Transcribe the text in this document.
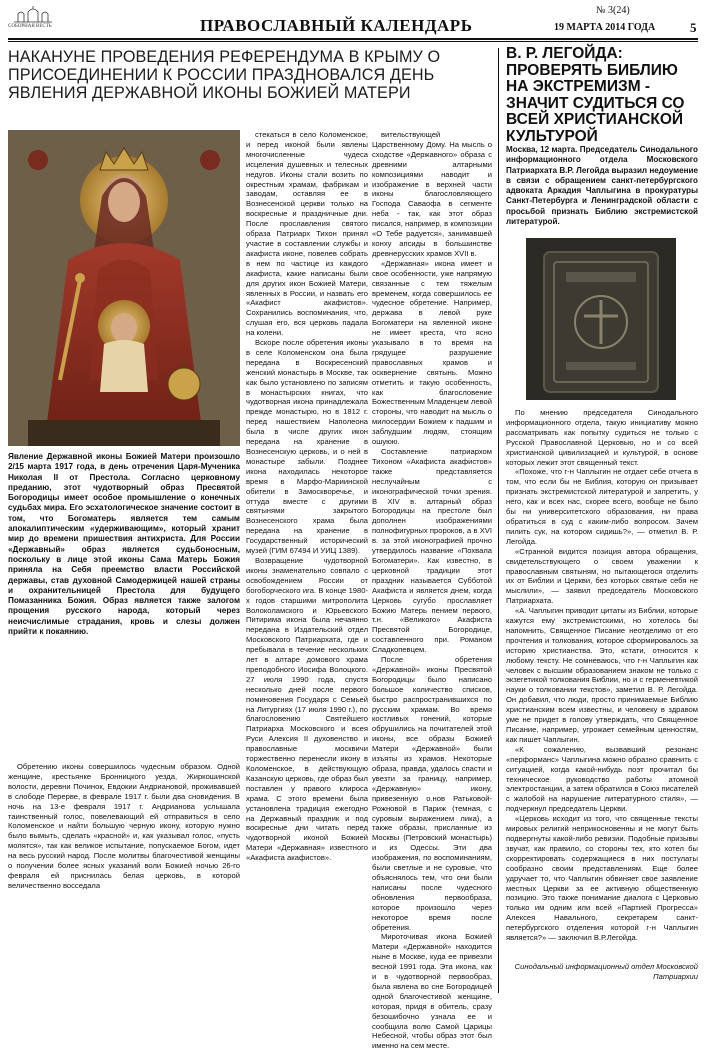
СОБОРНАЯ ВЕСТЬ	ПРАВОСЛАВНЫЙ КАЛЕНДАРЬ
№ 3(24)
19 МАРТА 2014 ГОДА	5
НАКАНУНЕ ПРОВЕДЕНИЯ РЕФЕРЕНДУМА В КРЫМУ О ПРИСОЕДИНЕНИИ К РОССИИ ПРАЗДНОВАЛСЯ ДЕНЬ ЯВЛЕНИЯ ДЕРЖАВНОЙ ИКОНЫ БОЖИЕЙ МАТЕРИ
Явление Державной иконы Божией Матери произошло 2/15 марта 1917 года, в день отречения Царя-Мученика Николая II от Престола. Согласно церковному преданию, этот чудотворный образ Пресвятой Богородицы имеет особое промышление о конечных судьбах мира. Его эсхатологическое значение состоит в том, что Богоматерь является тем самым апокалиптическим «удерживающим», который хранит мир до времени пришествия антихриста. Для России «Державный» образ является судьбоносным, поскольку в лице этой иконы Сама Матерь Божия приняла на Себя преемство власти Российской державы, став духовной Самодержицей нашей страны и охранительницей Престола для будущего Помазанника Божия. Образ является также залогом прощения русского народа, который через неисчислимые страдания, кровь и слезы должен прийти к покаянию.

Обретению иконы совершилось чудесным образом. Одной женщине, крестьянке Бронницкого уезда, Жиркошинской волости, деревни Починок, Евдокии Андриановой, проживавшей в слободе Перерве, в феврале 1917 г. были два сновидения. В ночь на 13-е февраля 1917 г. Андриановa услышала таинственный голос, повелевающий ей отправиться в село Коломенское и найти большую черную икону, которую нужно было вымыть, сделать «красной» и, как указывал голос, «пусть молятся», так как великое испытание, попускаемое Богом, идет на весь русский народ. После молитвы благочестивой женщины о получении более ясных указаний воли Божией ночью 26-го февраля ей приснилась белая церковь, в которой величественно восседала

стекаться в село Коломенское, и перед иконой были явлены многочисленные чудеса исцеления душевных и телесных недугов. Иконы стали возить по окрестным храмам, фабрикам и заводам, оставляя ее в Вознесенской церкви только на воскресные и праздничные дни. После прославления святого образа Патриарх Тихон принял участие в составлении службы и акафиста иконе, повелев собрать в нем по частице из каждого акафиста, какие написаны были для других икон Божией Матери, явленных в России, и назвать его «Акафист акафистов». Сохранились воспоминания, что, слушая его, вся церковь падала на колени.

Вскоре после обретения иконы в селе Коломенском она была передана в Воскресенский женский монастырь в Москве, так как было установлено по записям в монастырских книгах, что чудотворная икона принадлежала прежде монастырю, но в 1812 г. перед нашествием Наполеона была в числе других икон передана на хранение в Вознесенскую церковь, и о ней в монастыре забыли. Позднее икона находилась некоторое время в Марфо-Мариинской обители в Замоскворечье, и оттуда вместе с другими святынями закрытого Вознесенского храма была передана на хранение в Государственный исторический музей (ГИМ 67494 И УИЦ 1389).

Возвращение чудотворной иконы знаменательно совпало с освобождением России от богоборческого ига. В конце 1980-х годов старшими митрополита Волоколамского и Юрьевского Питирима икона была нечаянно передана в Издательский отдел Московского Патриархата, где и пребывала в течение нескольких лет в алтаре домового храма преподобного Иосифа Волоцкого. 27 июля 1990 года, спустя несколько дней после первого поминовения Государя с Семьей на Литургиях (17 июля 1990 г.), по благословению Святейшего Патриарха Московского и всея Руси Алексия II духовенство и православные москвичи торжественно перенесли икону в Коломенское, в действующую Казанскую церковь, где образ был поставлен у правого клироса храма. С этого времени была установлена традиция ежегодно на Державный праздник и под воскресные дни читать перед чудотворной иконой Божией Матери «Державная» известного «Акафиста акафистов».

вительствующей Царственному Дому. На мысль о сходстве «Державного» образа с древними алтарными композициями наводит и изображение в верхней части иконы благословляющего Господа Саваофа в сегменте неба - так, как этот образ писался, например, в композиции «О Тебе радуется», занимавшей конху апсиды в большинстве древнерусских храмов XVII в.

«Державная» икона имеет и свое особенности, уже напрямую связанные с тем тяжелым временем, когда совершилось ее чудесное обретение. Например, держава в левой руке Богоматери на явленной иконе не имеет креста, что ясно указывало в то время на грядущее разрушение православных храмов и осквернение святынь. Можно отметить и такую особенность, как благословение Божественным Младенцем левой стороны, что наводит на мысль о милосердии Божием к падшим и заблудшим людям, стоящим ошуюю.

Составление патриархом Тихоном «Акафиста акафистов» также представляется неслучайным с иконографической точки зрения. В XIV в. алтарный образ Богородицы на престоле был дополнен изображениями полнофигурных пророков, а в XVI в. за этой иконографией прочно утвердилось название «Похвала Богоматери». Как известно, в церковной традиции этот праздник называется Субботой Акафиста и является днем, когда Церковь сугубо прославляет Божию Матерь пением первого, т.н. «Великого» Акафиста Пресвятой Богородице, составленного при. Романом Сладкопевцем.

После обретения «Державной» иконы Пресвятой Богородицы было написано большое количество списков, быстро распространившихся по русским храмам. Во время костливых гонений, которые обрушились на почитателей этой иконы, все образы Божией Матери «Державной» были изъяты из храмов. Некоторые образа, правда, удалось спасти и увезти за границу, например, «Державную» икону, привезенную о.нов Ратьковой-Рожновой в Париж (темная, с суровым выражением лика), а также образы, присланные из Москвы (Петровский монастырь) и из Одессы. Эти два изображения, по воспоминаниям, были светлые и не суровые, что объяснялось тем, что они были написаны после чудесного обновления первообраза, которое произошло через некоторое время после обретения.

Мироточивая икона Божией Матери «Державной» находится ныне в Москве, куда ее привезли весной 1991 года. Эта икона, как и в чудотворной первообраз, была явлена во сне Богородицей одной благочестивой женщине, которая, придя в обитель, сразу безошибочно узнала ее и сообщила волю Самой Царицы Небесной, чтобы образ этот был именно на сем месте.

В. Р. ЛЕГОЙДА: ПРОВЕРЯТЬ БИБЛИЮ НА ЭКСТРЕМИЗМ - ЗНАЧИТ СУДИТЬСЯ СО ВСЕЙ ХРИСТИАНСКОЙ КУЛЬТУРОЙ
Москва, 12 марта. Председатель Синодального информационного отдела Московского Патриархата В.Р. Легойда выразил недоумение в связи с обращением санкт-петербургского адвоката Аркадия Чаплыгина в прокуратуры Санкт-Петербурга и Ленинградской области с просьбой признать Библию экстремистской литературой.

По мнению председателя Синодального информационного отдела, такую инициативу можно рассматривать как попытку судиться не только с Русской Православной Церковью, но и со всей христианской цивилизацией и культурой, в основе которых лежит этот священный текст.

«Похоже, что г-н Чаплыгин не отдает себе отчета в том, что если бы не Библия, которую он призывает признать экстремистской литературой и запретить, у него, как и всех нас, скорее всего, вообще не было бы ни университетского образования, ни права обратиться в суд с каким-либо вопросом. Зачем пилить сук, на котором сидишь?», — отметил В. Р. Легойда.

«Странной видится позиция автора обращения, свидетельствующего о своем уважении к православным святыням, но пытающегося отделить их от Библии и Церкви, без которых святые себя не мыслили», — заявил председатель Московского Патриархата.

«А. Чаплыгин приводит цитаты из Библии, которые кажутся ему экстремистскими, но хотелось бы напомнить, Священное Писание неотделимо от его прочтения и толкования, которое сформировалось за историю христианства. Это, кстати, относится к любому тексту. Не сомневаюсь, что г-н Чаплыгин как человек с высшим образованием знаком не только с экзегетикой толкования Библии, но и с герменевтикой науки о толковании текстов», заметил В. Р. Легойда. Он добавил, что люди, просто принимаемые Библию христианским всем известны, и человеку в здравом уме не придет в голову утверждать, что Священное Писание, например, угрожает семейным ценностям, как пишет Чаплыгин.

«К сожалению, вызвавший резонанс «перформанс» Чаплыгина можно образно сравнить с ситуацией, когда какой-нибудь поэт прочитал бы техническое руководство работы атомной электростанции, а затем обратился в Союз писателей с жалобой на нарушение литературного стиля», — подчеркнул председатель Церкви.

«Церковь исходит из того, что священные тексты мировых религий неприкосновенны и не могут быть подвергнуты какой-либо ревизии. Подобные призывы звучат, как правило, со стороны тех, кто хотел бы скорректировать содержащиеся в них постулаты сообразно своим представлениям. Еще более удручает то, что Чаплыгин обвиняет свое заявление местных Церкви за ее активную общественную позицию. Это также понимание диалога с Церковью только им одним или всей «Партией Прогресса» Алексея Навального, секретарем санкт-петербургского отделения которой г-н Чаплыгин является?» — заключил В.Р.Легойда.

Синодальный информационный отдел Московской Патриархии
